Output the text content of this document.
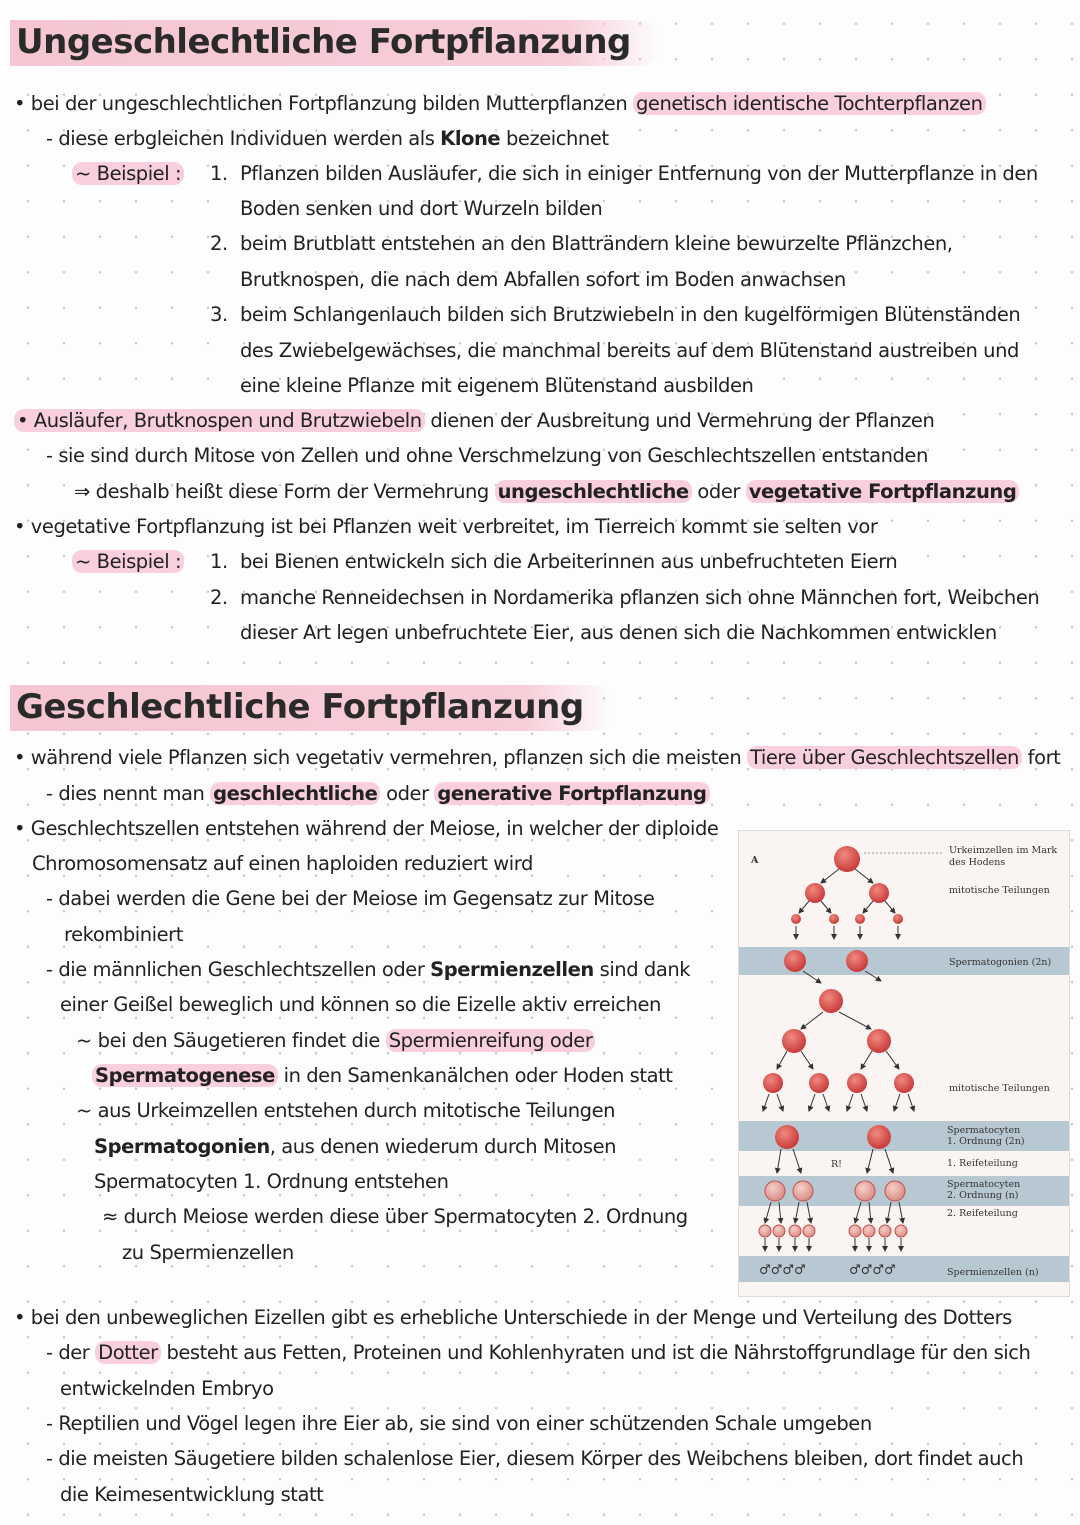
Ungeschlechtliche Fortpflanzung
• bei der ungeschlechtlichen Fortpflanzung bilden Mutterpflanzen genetisch identische Tochterpflanzen
- diese erbgleichen Individuen werden als Klone bezeichnet
~ Beispiel : 1. Pflanzen bilden Ausläufer, die sich in einiger Entfernung von der Mutterpflanze in den
Boden senken und dort Wurzeln bilden
2. beim Brutblatt entstehen an den Blatträndern kleine bewurzelte Pflänzchen,
Brutknospen, die nach dem Abfallen sofort im Boden anwachsen
3. beim Schlangenlauch bilden sich Brutzwiebeln in den kugelförmigen Blütenständen
des Zwiebelgewächses, die manchmal bereits auf dem Blütenstand austreiben und
eine kleine Pflanze mit eigenem Blütenstand ausbilden
• Ausläufer, Brutknospen und Brutzwiebeln dienen der Ausbreitung und Vermehrung der Pflanzen
- sie sind durch Mitose von Zellen und ohne Verschmelzung von Geschlechtszellen entstanden
⇒ deshalb heißt diese Form der Vermehrung ungeschlechtliche oder vegetative Fortpflanzung
• vegetative Fortpflanzung ist bei Pflanzen weit verbreitet, im Tierreich kommt sie selten vor
~ Beispiel : 1. bei Bienen entwickeln sich die Arbeiterinnen aus unbefruchteten Eiern
2. manche Renneidechsen in Nordamerika pflanzen sich ohne Männchen fort, Weibchen
dieser Art legen unbefruchtete Eier, aus denen sich die Nachkommen entwicklen
Geschlechtliche Fortpflanzung
• während viele Pflanzen sich vegetativ vermehren, pflanzen sich die meisten Tiere über Geschlechtszellen fort
- dies nennt man geschlechtliche oder generative Fortpflanzung
• Geschlechtszellen entstehen während der Meiose, in welcher der diploide
Chromosomensatz auf einen haploiden reduziert wird
- dabei werden die Gene bei der Meiose im Gegensatz zur Mitose
rekombiniert
- die männlichen Geschlechtszellen oder Spermienzellen sind dank
einer Geißel beweglich und können so die Eizelle aktiv erreichen
~ bei den Säugetieren findet die Spermienreifung oder
Spermatogenese in den Samenkanälchen oder Hoden statt
~ aus Urkeimzellen entstehen durch mitotische Teilungen
Spermatogonien, aus denen wiederum durch Mitosen
Spermatocyten 1. Ordnung entstehen
≈ durch Meiose werden diese über Spermatocyten 2. Ordnung
zu Spermienzellen
• bei den unbeweglichen Eizellen gibt es erhebliche Unterschiede in der Menge und Verteilung des Dotters
- der Dotter besteht aus Fetten, Proteinen und Kohlenhyraten und ist die Nährstoffgrundlage für den sich
entwickelnden Embryo
- Reptilien und Vögel legen ihre Eier ab, sie sind von einer schützenden Schale umgeben
- die meisten Säugetiere bilden schalenlose Eier, diesem Körper des Weibchens bleiben, dort findet auch
die Keimesentwicklung statt
A
R!
♂♂♂♂	♂♂♂♂
Urkeimzellen im Mark
des Hodens
mitotische Teilungen
Spermatogonien (2n)
mitotische Teilungen
Spermatocyten
1. Ordnung (2n)
1. Reifeteilung
Spermatocyten
2. Ordnung (n)
2. Reifeteilung
Spermienzellen (n)
